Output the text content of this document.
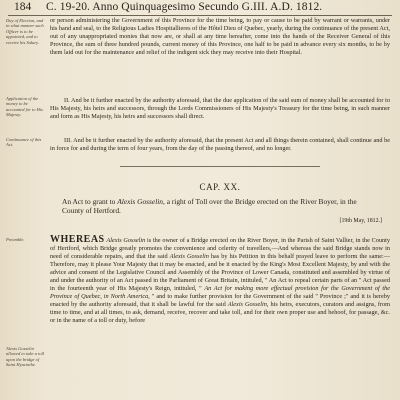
184 C. 19-20. Anno Quinquagesimo Secundo G.III. A.D. 1812.
Day of Election, and in what manner such Officer is to be appointed, and to receive his Salary.
Application of the money to be accounted for to His Majesty.
Continuance of this Act.
Preamble.
Alexis Gosselin allowed to take a toll upon the bridge of Saint Hyacinthe.

or person administering the Government of this Province for the time being, to pay or cause to be paid by warrant or warrants, under his hand and seal, to the Religious Ladies Hospitallieres of the Hôtel Dieu of Quebec, yearly, during the continuance of the present Act, out of any unappropriated monies that now are, or shall at any time hereafter, come into the hands of the Receiver General of this Province, the sum of three hundred pounds, current money of this Province, one half to be paid in advance every six months, to be by them laid out for the maintenance and relief of the indigent sick they may receive into their Hospital.

II. And be it further enacted by the authority aforesaid, that the due application of the said sum of money shall be accounted for to His Majesty, his heirs and successors, through the Lords Commissioners of His Majesty's Treasury for the time being, in such manner and form as His Majesty, his heirs and successors shall direct.

III. And be it further enacted by the authority aforesaid, that the present Act and all things therein contained, shall continue and be in force for and during the term of four years, from the day of the passing thereof, and no longer.

CAP. XX.
An Act to grant to Alexis Gosselin, a right of Toll over the Bridge erected on the River Boyer, in the County of Hertford.
[19th May, 1812.]

WHEREAS Alexis Gosselin is the owner of a Bridge erected on the River Boyer, in the Parish of Saint Vallier, in the County of Hertford, which Bridge greatly promotes the convenience and celerity of travellers,—And whereas the said Bridge stands now in need of considerable repairs, and that the said Alexis Gosselin has by his Petition in this behalf prayed leave to perform the same:— Therefore, may it please Your Majesty that it may be enacted, and be it enacted by the King's Most Excellent Majesty, by and with the advice and consent of the Legislative Council and Assembly of the Province of Lower Canada, constituted and assembled by virtue of and under the authority of an Act passed in the Parliament of Great Britain, intituled, " An Act to repeal certain parts of an " Act passed in the fourteenth year of His Majesty's Reign, intituled, " An Act for making more effectual provision for the Government of the Province of Quebec, in North America, " and to make further provision for the Government of the said " Province ;" and it is hereby enacted by the authority aforesaid, that it shall be lawful for the said Alexis Gosselin, his heirs, executors, curators and assigns, from time to time, and at all times, to ask, demand, receive, recover and take toll, and for their own proper use and behoof, for passage, &c. or in the name of a toll or duty, before
